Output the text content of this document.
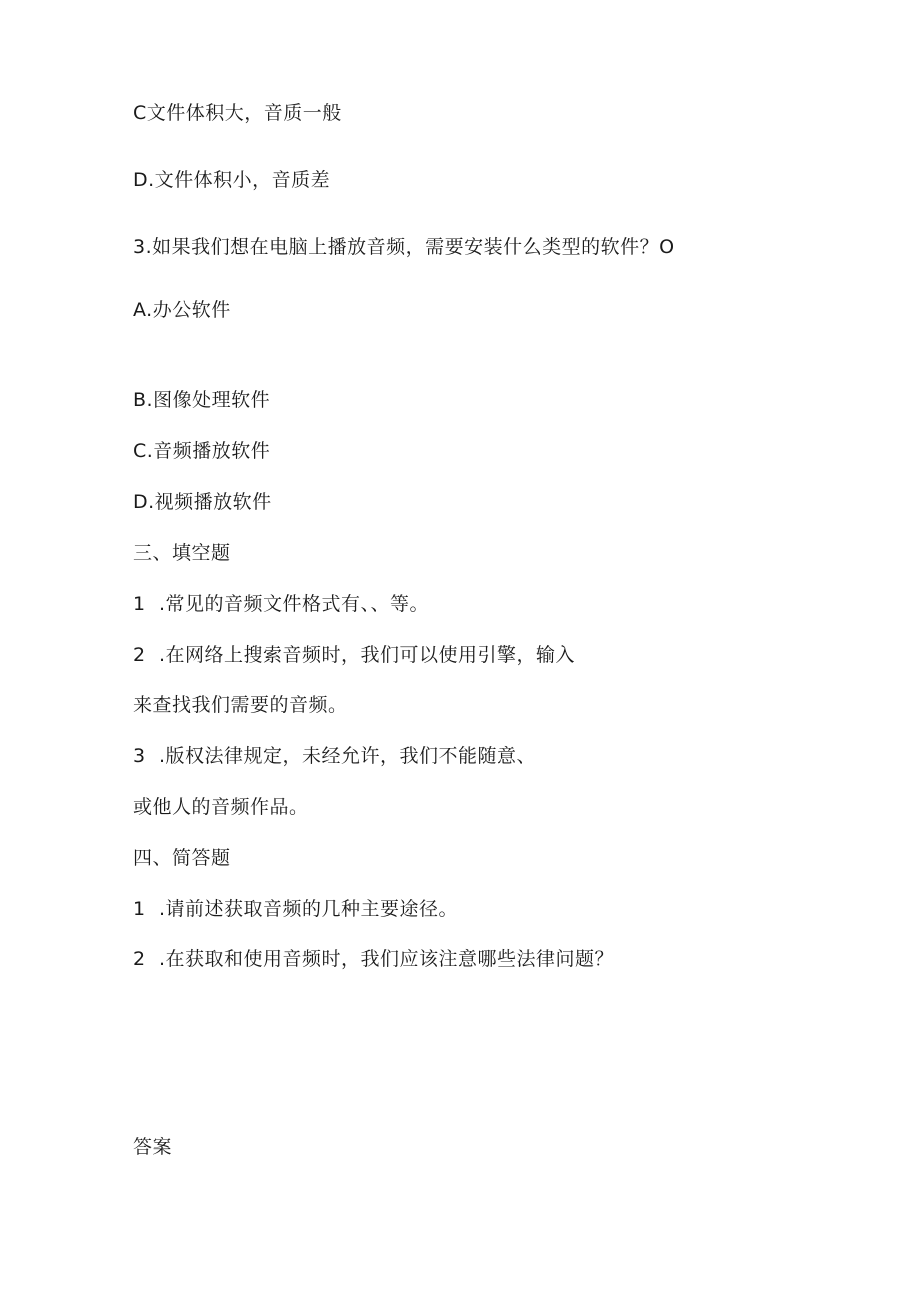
C文件体积大，音质一般
D.文件体积小，音质差
3.如果我们想在电脑上播放音频，需要安装什么类型的软件？O
A.办公软件
B.图像处理软件
C.音频播放软件
D.视频播放软件
三、填空题
1 .常见的音频文件格式有、、等。
2 .在网络上搜索音频时，我们可以使用引擎，输入
来查找我们需要的音频。
3 .版权法律规定，未经允许，我们不能随意、
或他人的音频作品。
四、简答题
1 .请前述获取音频的几种主要途径。
2 .在获取和使用音频时，我们应该注意哪些法律问题？
答案
